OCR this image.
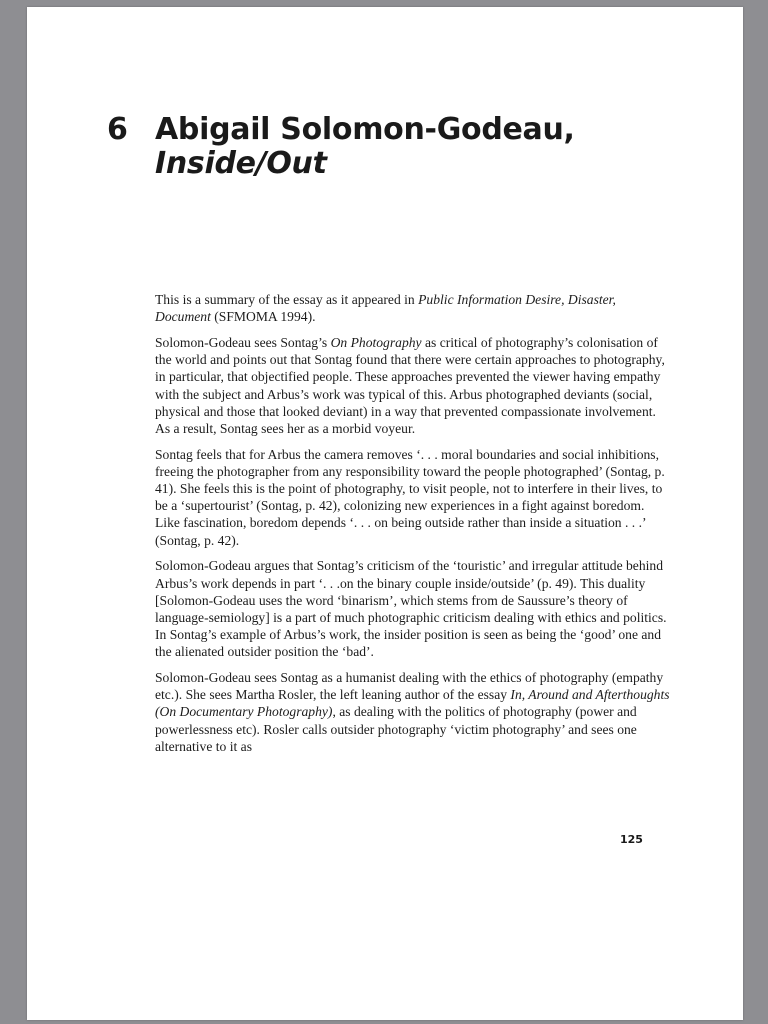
6 Abigail Solomon-Godeau,
Inside/Out

This is a summary of the essay as it appeared in Public Information Desire, Disaster, Document (SFMOMA 1994).

Solomon-Godeau sees Sontag’s On Photography as critical of photography’s colonisation of the world and points out that Sontag found that there were certain approaches to photography, in particular, that objectified people. These approaches prevented the viewer having empathy with the subject and Arbus’s work was typical of this. Arbus photographed deviants (social, physical and those that looked deviant) in a way that prevented compassionate involvement. As a result, Sontag sees her as a morbid voyeur.

Sontag feels that for Arbus the camera removes ‘. . . moral boundaries and social inhibitions, freeing the photographer from any responsibility toward the people photographed’ (Sontag, p. 41). She feels this is the point of photography, to visit people, not to interfere in their lives, to be a ‘supertourist’ (Sontag, p. 42), colonizing new experiences in a fight against boredom. Like fascination, boredom depends ‘. . . on being outside rather than inside a situation . . .’ (Sontag, p. 42).

Solomon-Godeau argues that Sontag’s criticism of the ‘touristic’ and irregular attitude behind Arbus’s work depends in part ‘. . .on the binary couple inside/outside’ (p. 49). This duality [Solomon-Godeau uses the word ‘binarism’, which stems from de Saussure’s theory of language-semiology] is a part of much photographic criticism dealing with ethics and politics. In Sontag’s example of Arbus’s work, the insider position is seen as being the ‘good’ one and the alienated outsider position the ‘bad’.

Solomon-Godeau sees Sontag as a humanist dealing with the ethics of photography (empathy etc.). She sees Martha Rosler, the left leaning author of the essay In, Around and Afterthoughts (On Documentary Photography), as dealing with the politics of photography (power and powerlessness etc). Rosler calls outsider photography ‘victim photography’ and sees one alternative to it as

125
